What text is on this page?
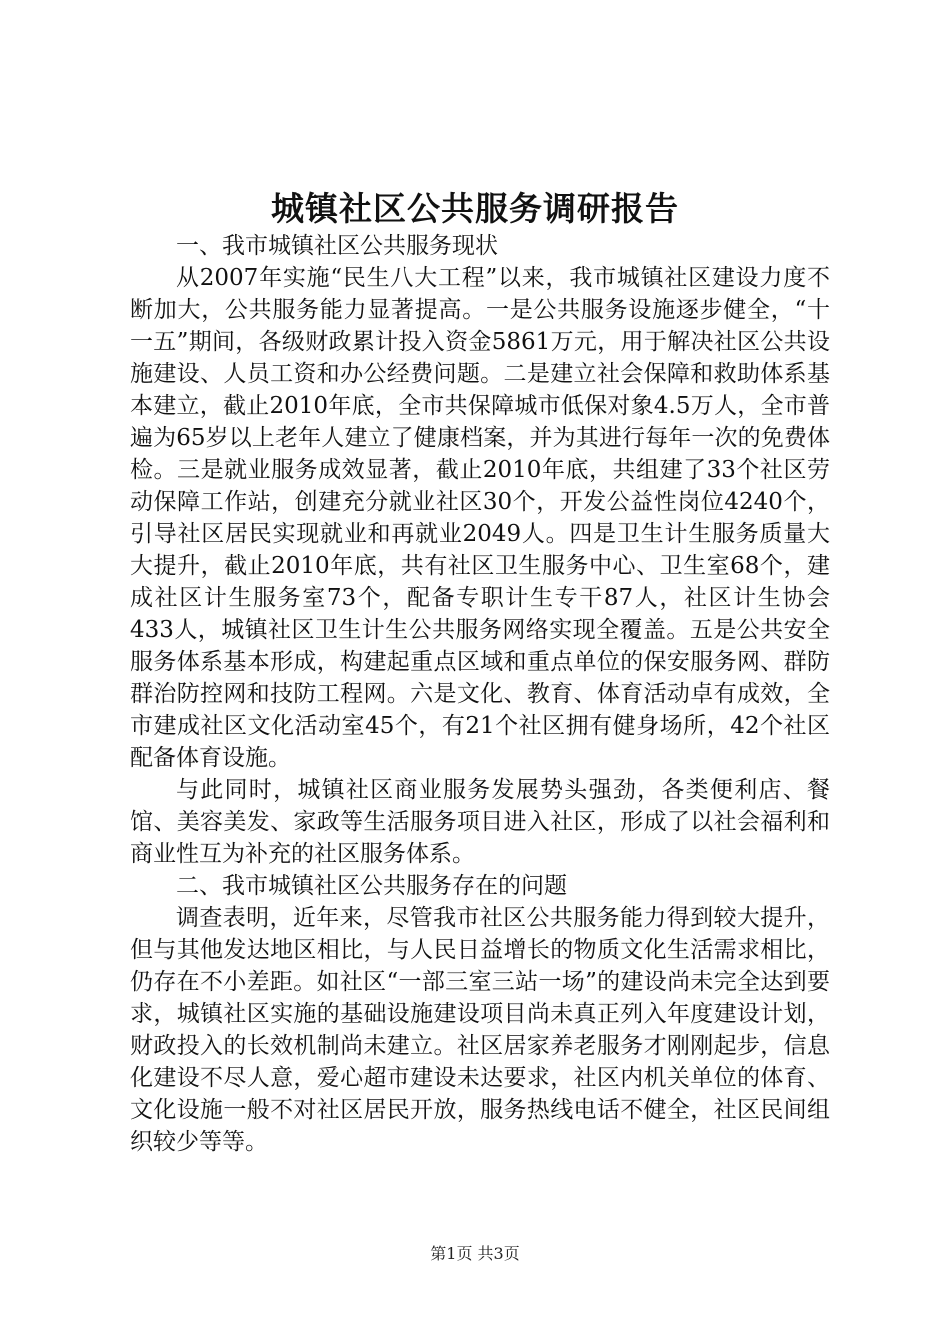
城镇社区公共服务调研报告

一、我市城镇社区公共服务现状

从2007年实施“民生八大工程”以来，我市城镇社区建设力度不断加大，公共服务能力显著提高。一是公共服务设施逐步健全，“十一五”期间，各级财政累计投入资金5861万元，用于解决社区公共设施建设、人员工资和办公经费问题。二是建立社会保障和救助体系基本建立，截止2010年底，全市共保障城市低保对象4.5万人，全市普遍为65岁以上老年人建立了健康档案，并为其进行每年一次的免费体检。三是就业服务成效显著，截止2010年底，共组建了33个社区劳动保障工作站，创建充分就业社区30个，开发公益性岗位4240个，引导社区居民实现就业和再就业2049人。四是卫生计生服务质量大大提升，截止2010年底，共有社区卫生服务中心、卫生室68个，建成社区计生服务室73个，配备专职计生专干87人，社区计生协会433人，城镇社区卫生计生公共服务网络实现全覆盖。五是公共安全服务体系基本形成，构建起重点区域和重点单位的保安服务网、群防群治防控网和技防工程网。六是文化、教育、体育活动卓有成效，全市建成社区文化活动室45个，有21个社区拥有健身场所，42个社区配备体育设施。

与此同时，城镇社区商业服务发展势头强劲，各类便利店、餐馆、美容美发、家政等生活服务项目进入社区，形成了以社会福利和商业性互为补充的社区服务体系。

二、我市城镇社区公共服务存在的问题

调查表明，近年来，尽管我市社区公共服务能力得到较大提升，但与其他发达地区相比，与人民日益增长的物质文化生活需求相比，仍存在不小差距。如社区“一部三室三站一场”的建设尚未完全达到要求，城镇社区实施的基础设施建设项目尚未真正列入年度建设计划，财政投入的长效机制尚未建立。社区居家养老服务才刚刚起步，信息化建设不尽人意，爱心超市建设未达要求，社区内机关单位的体育、文化设施一般不对社区居民开放，服务热线电话不健全，社区民间组织较少等等。

第1页 共3页
